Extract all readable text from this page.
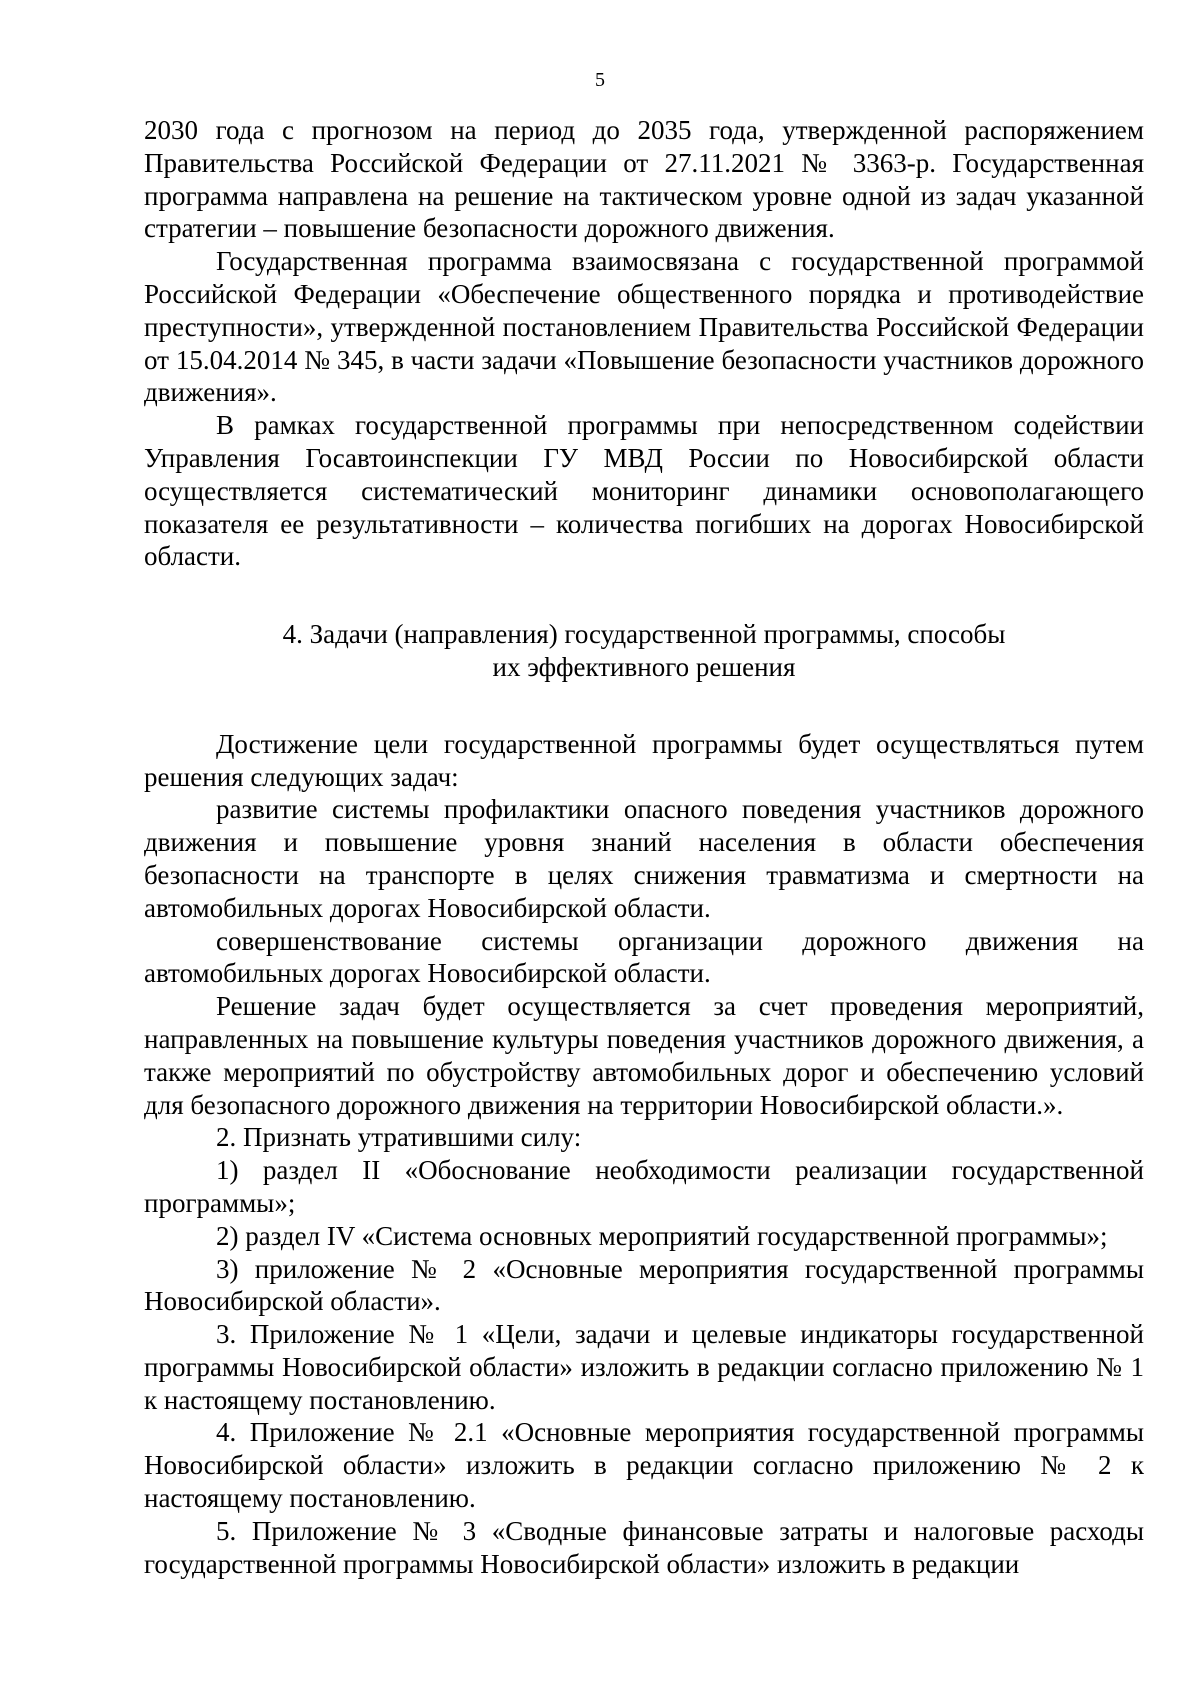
5

2030 года с прогнозом на период до 2035 года, утвержденной распоряжением Правительства Российской Федерации от 27.11.2021 № 3363-р. Государственная программа направлена на решение на тактическом уровне одной из задач указанной стратегии – повышение безопасности дорожного движения.

Государственная программа взаимосвязана с государственной программой Российской Федерации «Обеспечение общественного порядка и противодействие преступности», утвержденной постановлением Правительства Российской Федерации от 15.04.2014 № 345, в части задачи «Повышение безопасности участников дорожного движения».

В рамках государственной программы при непосредственном содействии Управления Госавтоинспекции ГУ МВД России по Новосибирской области осуществляется систематический мониторинг динамики основополагающего показателя ее результативности – количества погибших на дорогах Новосибирской области.

4. Задачи (направления) государственной программы, способы
их эффективного решения

Достижение цели государственной программы будет осуществляться путем решения следующих задач:

развитие системы профилактики опасного поведения участников дорожного движения и повышение уровня знаний населения в области обеспечения безопасности на транспорте в целях снижения травматизма и смертности на автомобильных дорогах Новосибирской области.

совершенствование системы организации дорожного движения на автомобильных дорогах Новосибирской области.

Решение задач будет осуществляется за счет проведения мероприятий, направленных на повышение культуры поведения участников дорожного движения, а также мероприятий по обустройству автомобильных дорог и обеспечению условий для безопасного дорожного движения на территории Новосибирской области.».

2. Признать утратившими силу:

1) раздел II «Обоснование необходимости реализации государственной программы»;

2) раздел IV «Система основных мероприятий государственной программы»;

3) приложение № 2 «Основные мероприятия государственной программы Новосибирской области».

3. Приложение № 1 «Цели, задачи и целевые индикаторы государственной программы Новосибирской области» изложить в редакции согласно приложению № 1 к настоящему постановлению.

4. Приложение № 2.1 «Основные мероприятия государственной программы Новосибирской области» изложить в редакции согласно приложению № 2 к настоящему постановлению.

5. Приложение № 3 «Сводные финансовые затраты и налоговые расходы государственной программы Новосибирской области» изложить в редакции
